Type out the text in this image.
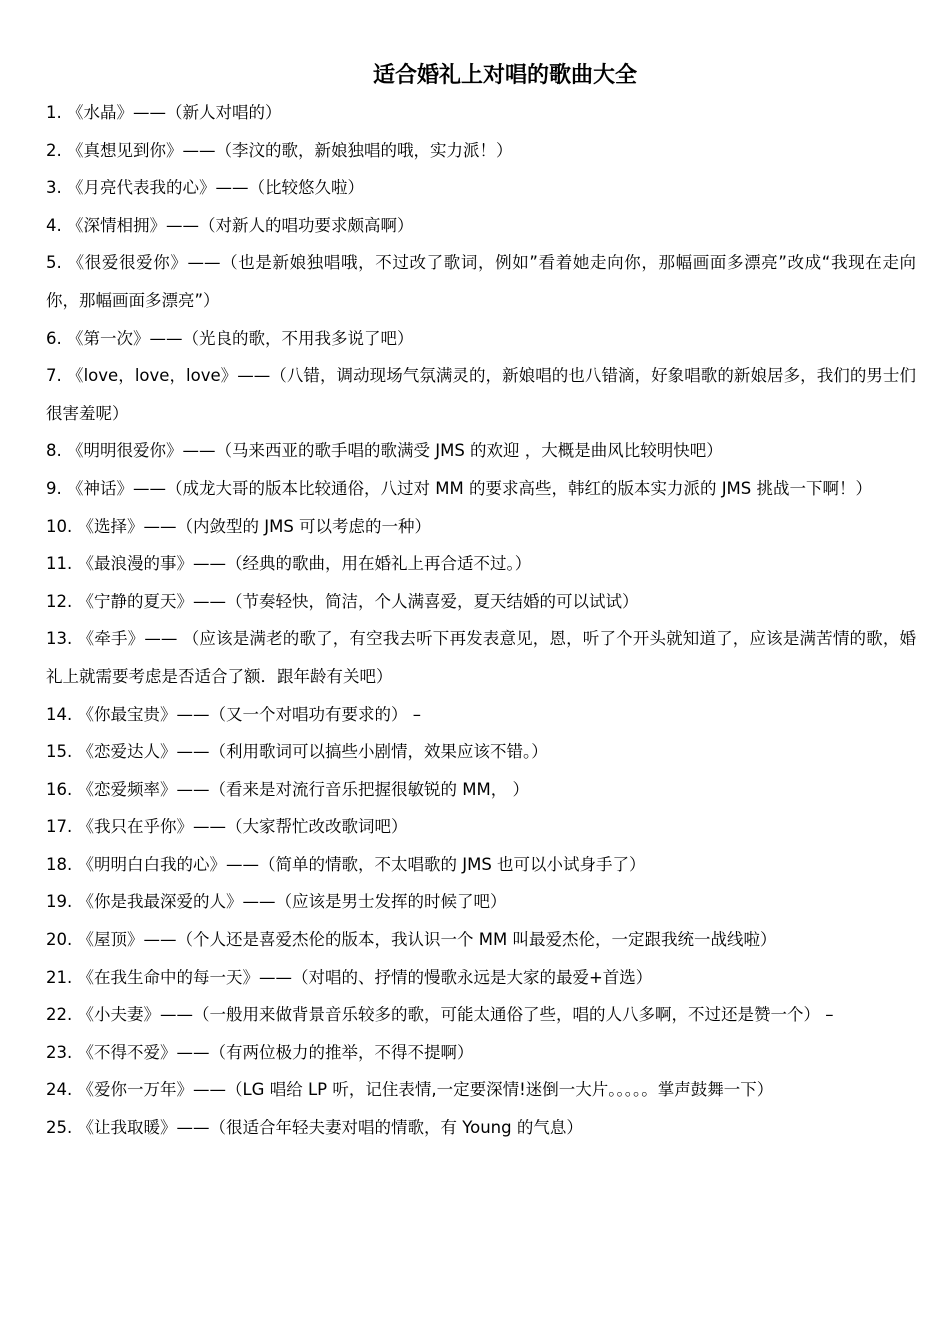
适合婚礼上对唱的歌曲大全
1. 《水晶》——（新人对唱的）
2. 《真想见到你》——（李汶的歌，新娘独唱的哦，实力派！）
3. 《月亮代表我的心》——（比较悠久啦）
4. 《深情相拥》——（对新人的唱功要求颇高啊）
5. 《很爱很爱你》——（也是新娘独唱哦，不过改了歌词，例如”看着她走向你，那幅画面多漂亮”改成“我现在走向你，那幅画面多漂亮”）
6. 《第一次》——（光良的歌，不用我多说了吧）
7. 《love，love，love》——（八错，调动现场气氛满灵的，新娘唱的也八错滴，好象唱歌的新娘居多，我们的男士们很害羞呢）
8. 《明明很爱你》——（马来西亚的歌手唱的歌满受 JMS 的欢迎 ，大概是曲风比较明快吧）
9. 《神话》——（成龙大哥的版本比较通俗，八过对 MM 的要求高些，韩红的版本实力派的 JMS 挑战一下啊！）
10. 《选择》——（内敛型的 JMS 可以考虑的一种）
11. 《最浪漫的事》——（经典的歌曲，用在婚礼上再合适不过。）
12. 《宁静的夏天》——（节奏轻快，简洁，个人满喜爱，夏天结婚的可以试试）
13. 《牵手》—— （应该是满老的歌了，有空我去听下再发表意见，恩，听了个开头就知道了，应该是满苦情的歌，婚礼上就需要考虑是否适合了额．跟年龄有关吧）
14. 《你最宝贵》——（又一个对唱功有要求的） –
15. 《恋爱达人》——（利用歌词可以搞些小剧情，效果应该不错。）
16. 《恋爱频率》——（看来是对流行音乐把握很敏锐的 MM， ）
17. 《我只在乎你》——（大家帮忙改改歌词吧）
18. 《明明白白我的心》——（简单的情歌，不太唱歌的 JMS 也可以小试身手了）
19. 《你是我最深爱的人》——（应该是男士发挥的时候了吧）
20. 《屋顶》——（个人还是喜爱杰伦的版本，我认识一个 MM 叫最爱杰伦，一定跟我统一战线啦）
21. 《在我生命中的每一天》——（对唱的、抒情的慢歌永远是大家的最爱+首选）
22. 《小夫妻》——（一般用来做背景音乐较多的歌，可能太通俗了些，唱的人八多啊，不过还是赞一个） –
23. 《不得不爱》——（有两位极力的推举，不得不提啊）
24. 《爱你一万年》——（LG 唱给 LP 听，记住表情,一定要深情!迷倒一大片。。。。。掌声鼓舞一下）
25. 《让我取暖》——（很适合年轻夫妻对唱的情歌，有 Young 的气息）
